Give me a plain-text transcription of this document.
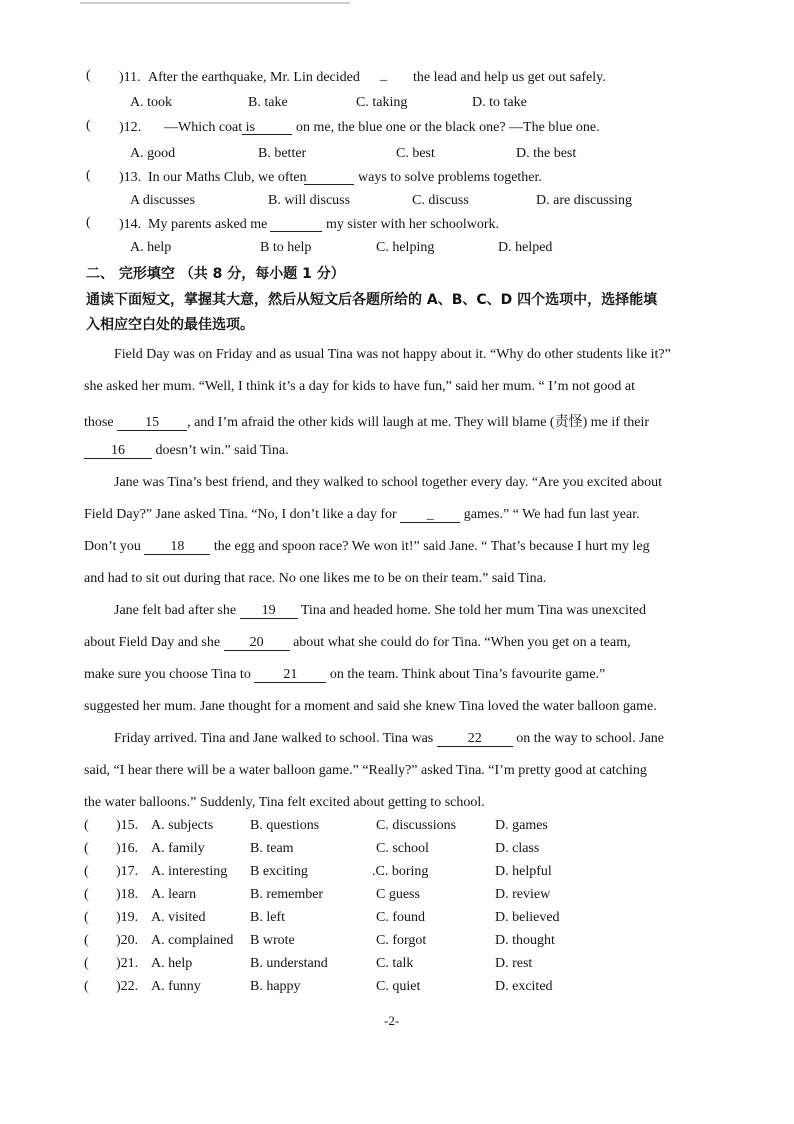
( )11. After the earthquake, Mr. Lin decided _ the lead and help us get out safely.
A. took	B. take	C. taking	D. to take
( )12. —Which coat is	on me, the blue one or the black one? —The blue one.
A. good	B. better	C. best	D. the best
( )13. In our Maths Club, we often	ways to solve problems together.
A discusses	B. will discuss	C. discuss	D. are discussing
( )14. My parents asked me	my sister with her schoolwork.
A. help	B to help	C. helping	D. helped
二、 完形填空 （共 8 分，每小题 1 分）
通读下面短文，掌握其大意，然后从短文后各题所给的 A、B、C、D 四个选项中，选择能填
入相应空白处的最佳选项。
Field Day was on Friday and as usual Tina was not happy about it. “Why do other students like it?”
she asked her mum. “Well, I think it’s a day for kids to have fun,” said her mum. “ I’m not good at
those 15 , and I’m afraid the other kids will laugh at me. They will blame (责怪) me if their
16 doesn’t win.” said Tina.
Jane was Tina’s best friend, and they walked to school together every day. “Are you excited about
Field Day?” Jane asked Tina. “No, I don’t like a day for _ games.” “ We had fun last year.
Don’t you 18 the egg and spoon race? We won it!” said Jane. “ That’s because I hurt my leg
and had to sit out during that race. No one likes me to be on their team.” said Tina.
Jane felt bad after she 19 Tina and headed home. She told her mum Tina was unexcited
about Field Day and she 20 about what she could do for Tina. “When you get on a team,
make sure you choose Tina to 21 on the team. Think about Tina’s favourite game.”
suggested her mum. Jane thought for a moment and said she knew Tina loved the water balloon game.
Friday arrived. Tina and Jane walked to school. Tina was 22 on the way to school. Jane
said, “I hear there will be a water balloon game.” “Really?” asked Tina. “I’m pretty good at catching
the water balloons.” Suddenly, Tina felt excited about getting to school.
( )15. A. subjects	B. questions	C. discussions	D. games
( )16. A. family	B. team	C. school	D. class
( )17. A. interesting B exciting	.C. boring	D. helpful
( )18. A. learn	B. remember	C guess	D. review
( )19. A. visited	B. left	C. found	D. believed
( )20. A. complained B wrote	C. forgot	D. thought
( )21. A. help	B. understand	C. talk	D. rest
( )22. A. funny	B. happy	C. quiet	D. excited
-2-
